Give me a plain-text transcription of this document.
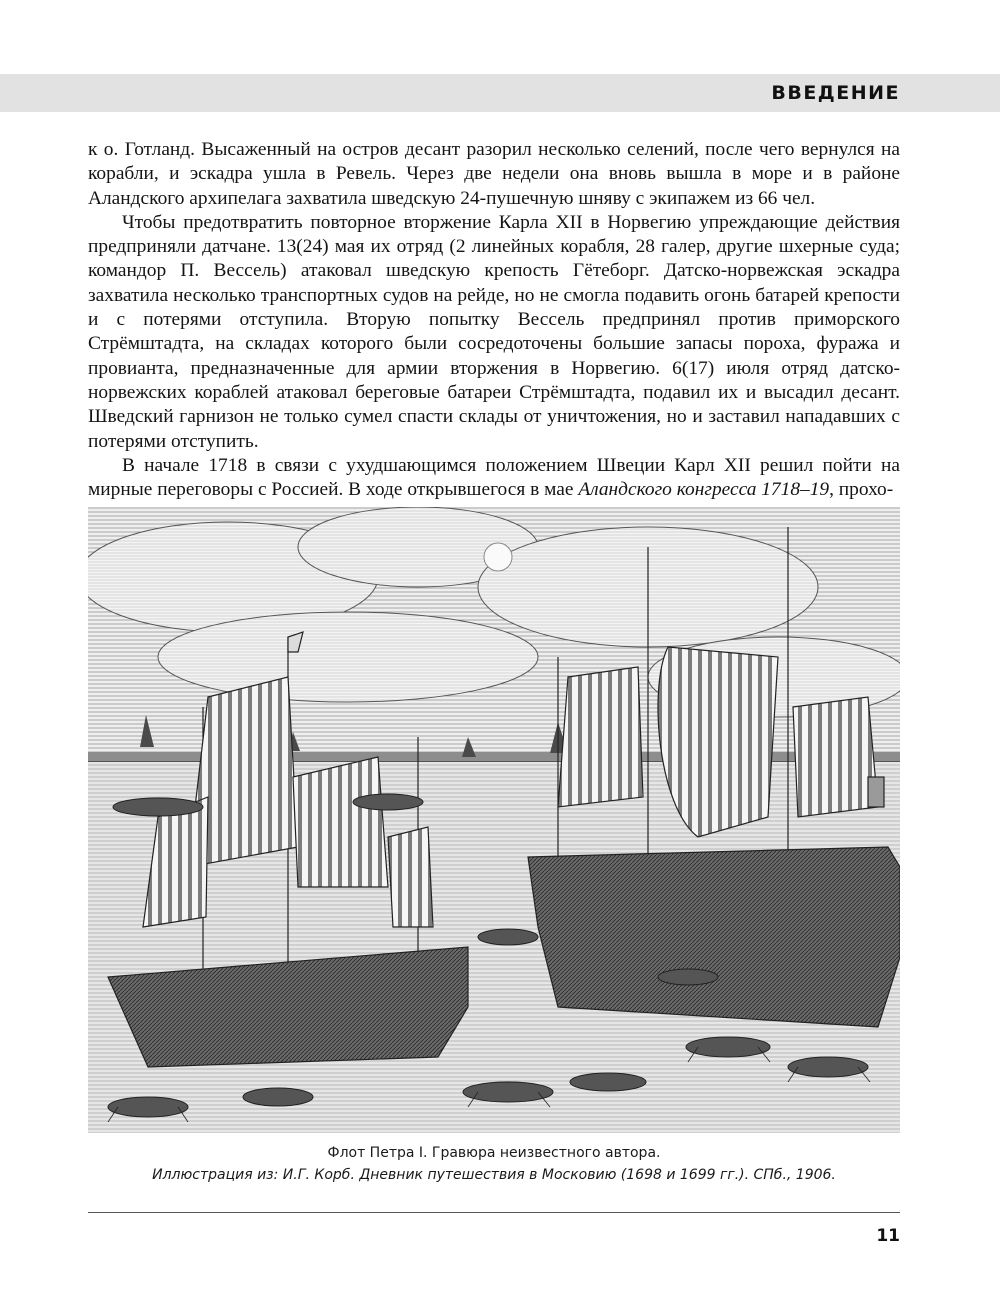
ВВЕДЕНИЕ

к о. Готланд. Высаженный на остров десант разорил несколько селений, после чего вернулся на корабли, и эскадра ушла в Ревель. Через две недели она вновь вышла в море и в районе Аландского архипелага захватила шведскую 24-пушечную шняву с экипажем из 66 чел.

Чтобы предотвратить повторное вторжение Карла XII в Норвегию упреждающие действия предприняли датчане. 13(24) мая их отряд (2 линейных корабля, 28 галер, другие шхерные суда; командор П. Вессель) атаковал шведскую крепость Гётеборг. Датско-норвежская эскадра захватила несколько транспортных судов на рейде, но не смогла подавить огонь батарей крепости и с потерями отступила. Вторую попытку Вессель предпринял против приморского Стрёмштадта, на складах которого были сосредоточены большие запасы пороха, фуража и провианта, предназначенные для армии вторжения в Норвегию. 6(17) июля отряд датско-норвежских кораблей атаковал береговые батареи Стрёмштадта, подавил их и высадил десант. Шведский гарнизон не только сумел спасти склады от уничтожения, но и заставил нападавших с потерями отступить.

В начале 1718 в связи с ухудшающимся положением Швеции Карл XII решил пойти на мирные переговоры с Россией. В ходе открывшегося в мае Аландского конгресса 1718–19, прохо-

Флот Петра I. Гравюра неизвестного автора.
Иллюстрация из: И.Г. Корб. Дневник путешествия в Московию (1698 и 1699 гг.). СПб., 1906.
11
